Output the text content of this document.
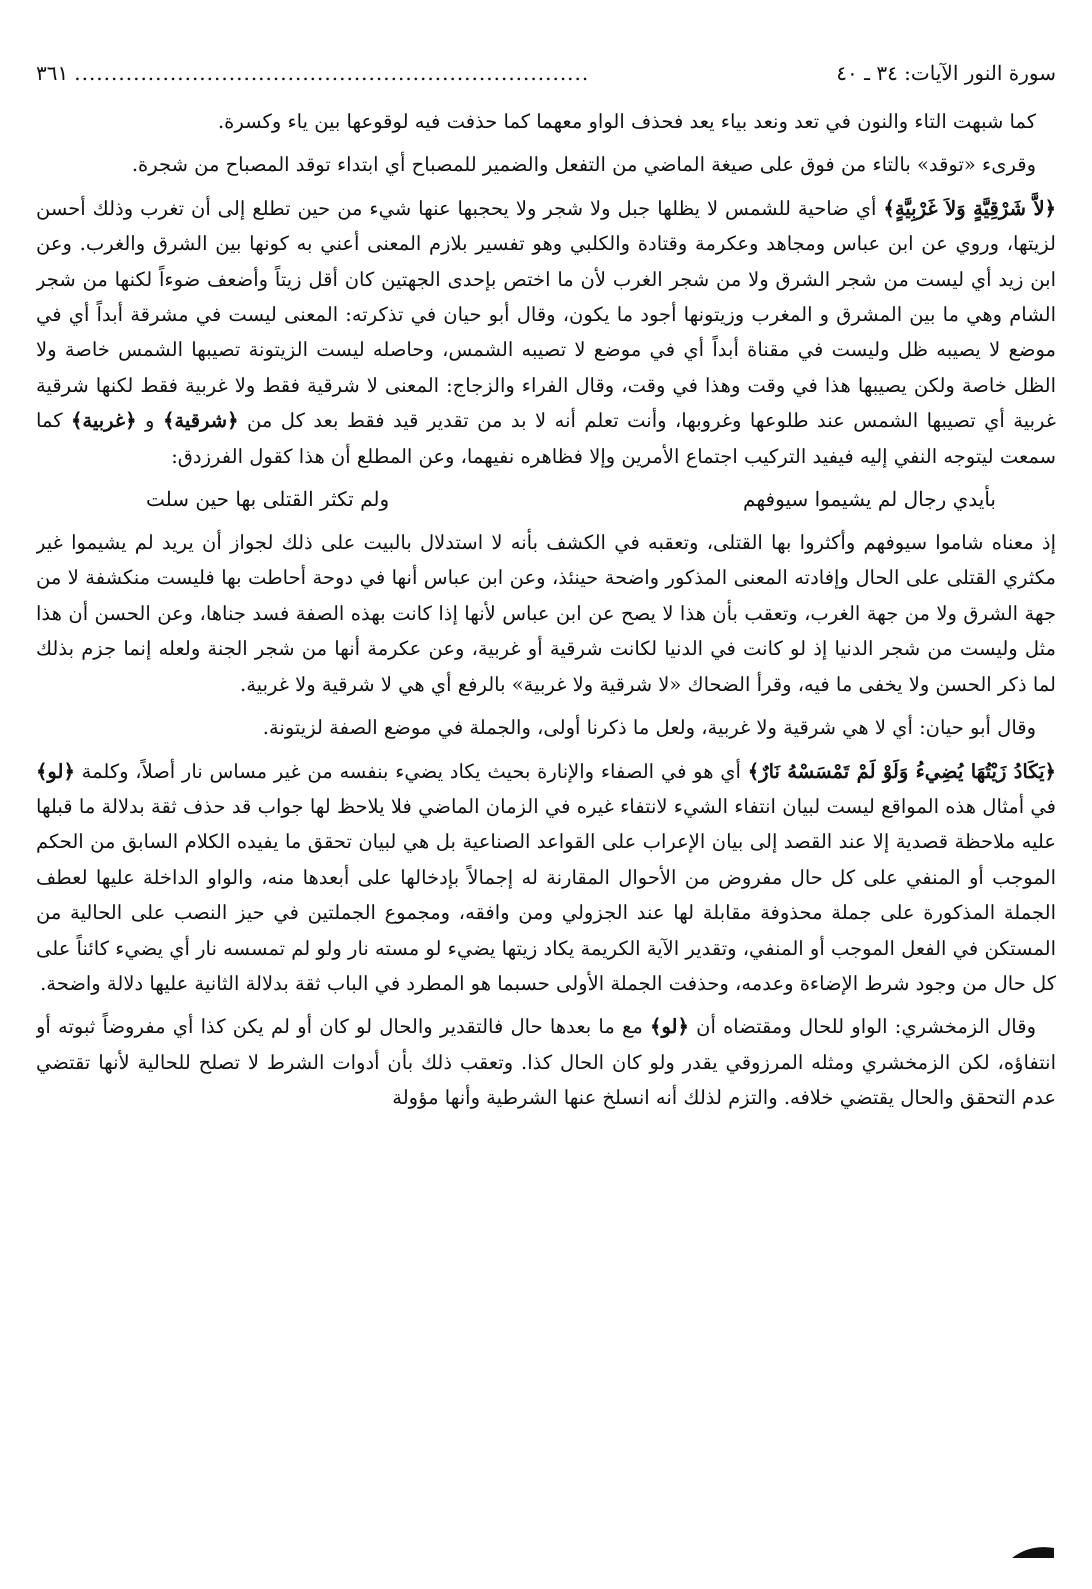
سورة النور الآيات: ٣٤ ـ ٤٠
......................................................................
٣٦١

كما شبهت التاء والنون في تعد ونعد بياء يعد فحذف الواو معهما كما حذفت فيه لوقوعها بين ياء وكسرة.

وقرىء «توقد» بالتاء من فوق على صيغة الماضي من التفعل والضمير للمصباح أي ابتداء توقد المصباح من شجرة.

﴿لاَّ شَرْقِيَّةٍ وَلاَ غَرْبِيَّةٍ﴾ أي ضاحية للشمس لا يظلها جبل ولا شجر ولا يحجبها عنها شيء من حين تطلع إلى أن تغرب وذلك أحسن لزيتها، وروي عن ابن عباس ومجاهد وعكرمة وقتادة والكلبي وهو تفسير بلازم المعنى أعني به كونها بين الشرق والغرب. وعن ابن زيد أي ليست من شجر الشرق ولا من شجر الغرب لأن ما اختص بإحدى الجهتين كان أقل زيتاً وأضعف ضوءاً لكنها من شجر الشام وهي ما بين المشرق و المغرب وزيتونها أجود ما يكون، وقال أبو حيان في تذكرته: المعنى ليست في مشرقة أبداً أي في موضع لا يصيبه ظل وليست في مقناة أبداً أي في موضع لا تصيبه الشمس، وحاصله ليست الزيتونة تصيبها الشمس خاصة ولا الظل خاصة ولكن يصيبها هذا في وقت وهذا في وقت، وقال الفراء والزجاج: المعنى لا شرقية فقط ولا غربية فقط لكنها شرقية غربية أي تصيبها الشمس عند طلوعها وغروبها، وأنت تعلم أنه لا بد من تقدير قيد فقط بعد كل من ﴿شرقية﴾ و ﴿غربية﴾ كما سمعت ليتوجه النفي إليه فيفيد التركيب اجتماع الأمرين وإلا فظاهره نفيهما، وعن المطلع أن هذا كقول الفرزدق:

بأيدي رجال لم يشيموا سيوفهم
ولم تكثر القتلى بها حين سلت

إذ معناه شاموا سيوفهم وأكثروا بها القتلى، وتعقبه في الكشف بأنه لا استدلال بالبيت على ذلك لجواز أن يريد لم يشيموا غير مكثري القتلى على الحال وإفادته المعنى المذكور واضحة حينئذ، وعن ابن عباس أنها في دوحة أحاطت بها فليست منكشفة لا من جهة الشرق ولا من جهة الغرب، وتعقب بأن هذا لا يصح عن ابن عباس لأنها إذا كانت بهذه الصفة فسد جناها، وعن الحسن أن هذا مثل وليست من شجر الدنيا إذ لو كانت في الدنيا لكانت شرقية أو غربية، وعن عكرمة أنها من شجر الجنة ولعله إنما جزم بذلك لما ذكر الحسن ولا يخفى ما فيه، وقرأ الضحاك «لا شرقية ولا غربية» بالرفع أي هي لا شرقية ولا غربية.

وقال أبو حيان: أي لا هي شرقية ولا غربية، ولعل ما ذكرنا أولى، والجملة في موضع الصفة لزيتونة.

﴿يَكَادُ زَيْتُهَا يُضِيءُ وَلَوْ لَمْ تَمْسَسْهُ نَارٌ﴾ أي هو في الصفاء والإنارة بحيث يكاد يضيء بنفسه من غير مساس نار أصلاً، وكلمة ﴿لو﴾ في أمثال هذه المواقع ليست لبيان انتفاء الشيء لانتفاء غيره في الزمان الماضي فلا يلاحظ لها جواب قد حذف ثقة بدلالة ما قبلها عليه ملاحظة قصدية إلا عند القصد إلى بيان الإعراب على القواعد الصناعية بل هي لبيان تحقق ما يفيده الكلام السابق من الحكم الموجب أو المنفي على كل حال مفروض من الأحوال المقارنة له إجمالاً بإدخالها على أبعدها منه، والواو الداخلة عليها لعطف الجملة المذكورة على جملة محذوفة مقابلة لها عند الجزولي ومن وافقه، ومجموع الجملتين في حيز النصب على الحالية من المستكن في الفعل الموجب أو المنفي، وتقدير الآية الكريمة يكاد زيتها يضيء لو مسته نار ولو لم تمسسه نار أي يضيء كائناً على كل حال من وجود شرط الإضاءة وعدمه، وحذفت الجملة الأولى حسبما هو المطرد في الباب ثقة بدلالة الثانية عليها دلالة واضحة.

وقال الزمخشري: الواو للحال ومقتضاه أن ﴿لو﴾ مع ما بعدها حال فالتقدير والحال لو كان أو لم يكن كذا أي مفروضاً ثبوته أو انتفاؤه، لكن الزمخشري ومثله المرزوقي يقدر ولو كان الحال كذا. وتعقب ذلك بأن أدوات الشرط لا تصلح للحالية لأنها تقتضي عدم التحقق والحال يقتضي خلافه. والتزم لذلك أنه انسلخ عنها الشرطية وأنها مؤولة
